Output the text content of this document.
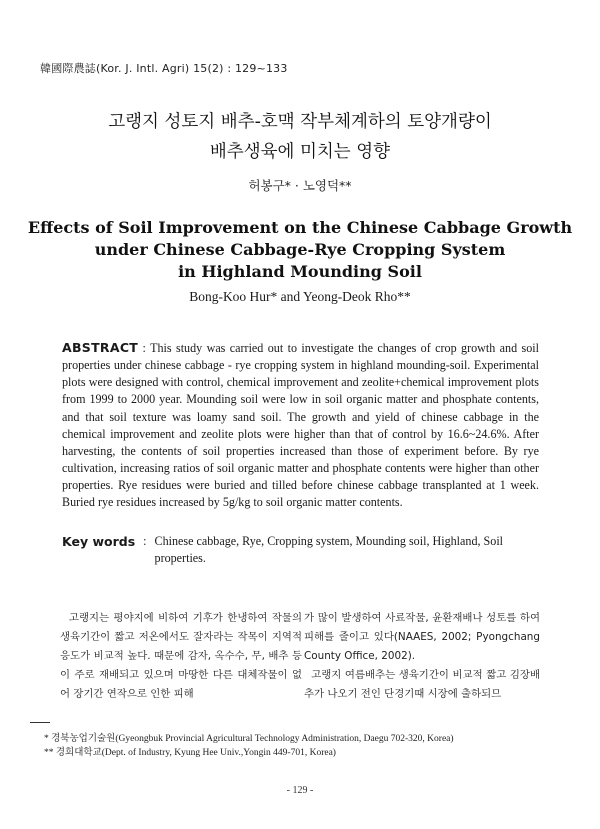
韓國際農誌(Kor. J. Intl. Agri) 15(2) : 129~133
고랭지 성토지 배추-호맥 작부체계하의 토양개량이
배추생육에 미치는 영향
허봉구* · 노영덕**
Effects of Soil Improvement on the Chinese Cabbage Growth
under Chinese Cabbage-Rye Cropping System
in Highland Mounding Soil
Bong-Koo Hur* and Yeong-Deok Rho**
ABSTRACT : This study was carried out to investigate the changes of crop growth and soil properties under chinese cabbage - rye cropping system in highland mounding-soil. Experimental plots were designed with control, chemical improvement and zeolite+chemical improvement plots from 1999 to 2000 year. Mounding soil were low in soil organic matter and phosphate contents, and that soil texture was loamy sand soil. The growth and yield of chinese cabbage in the chemical improvement and zeolite plots were higher than that of control by 16.6~24.6%. After harvesting, the contents of soil properties increased than those of experiment before. By rye cultivation, increasing ratios of soil organic matter and phosphate contents were higher than other properties. Rye residues were buried and tilled before chinese cabbage transplanted at 1 week. Buried rye residues increased by 5g/kg to soil organic matter contents.
Key words : Chinese cabbage, Rye, Cropping system, Mounding soil, Highland, Soil properties.

고랭지는 평야지에 비하여 기후가 한냉하여 작물의 생육기간이 짧고 저온에서도 잘자라는 작목이 지역적응도가 비교적 높다. 때문에 감자, 옥수수, 무, 배추 등이 주로 재배되고 있으며 마땅한 다른 대체작물이 없어 장기간 연작으로 인한 피해

가 많이 발생하여 사료작물, 윤환재배나 성토를 하여 피해를 줄이고 있다(NAAES, 2002; Pyongchang County Office, 2002).

고랭지 여름배추는 생육기간이 비교적 짧고 김장배추가 나오기 전인 단경기때 시장에 출하되므

* 경북농업기술원(Gyeongbuk Provincial Agricultural Technology Administration, Daegu 702-320, Korea)
** 경희대학교(Dept. of Industry, Kyung Hee Univ.,Yongin 449-701, Korea)
- 129 -
